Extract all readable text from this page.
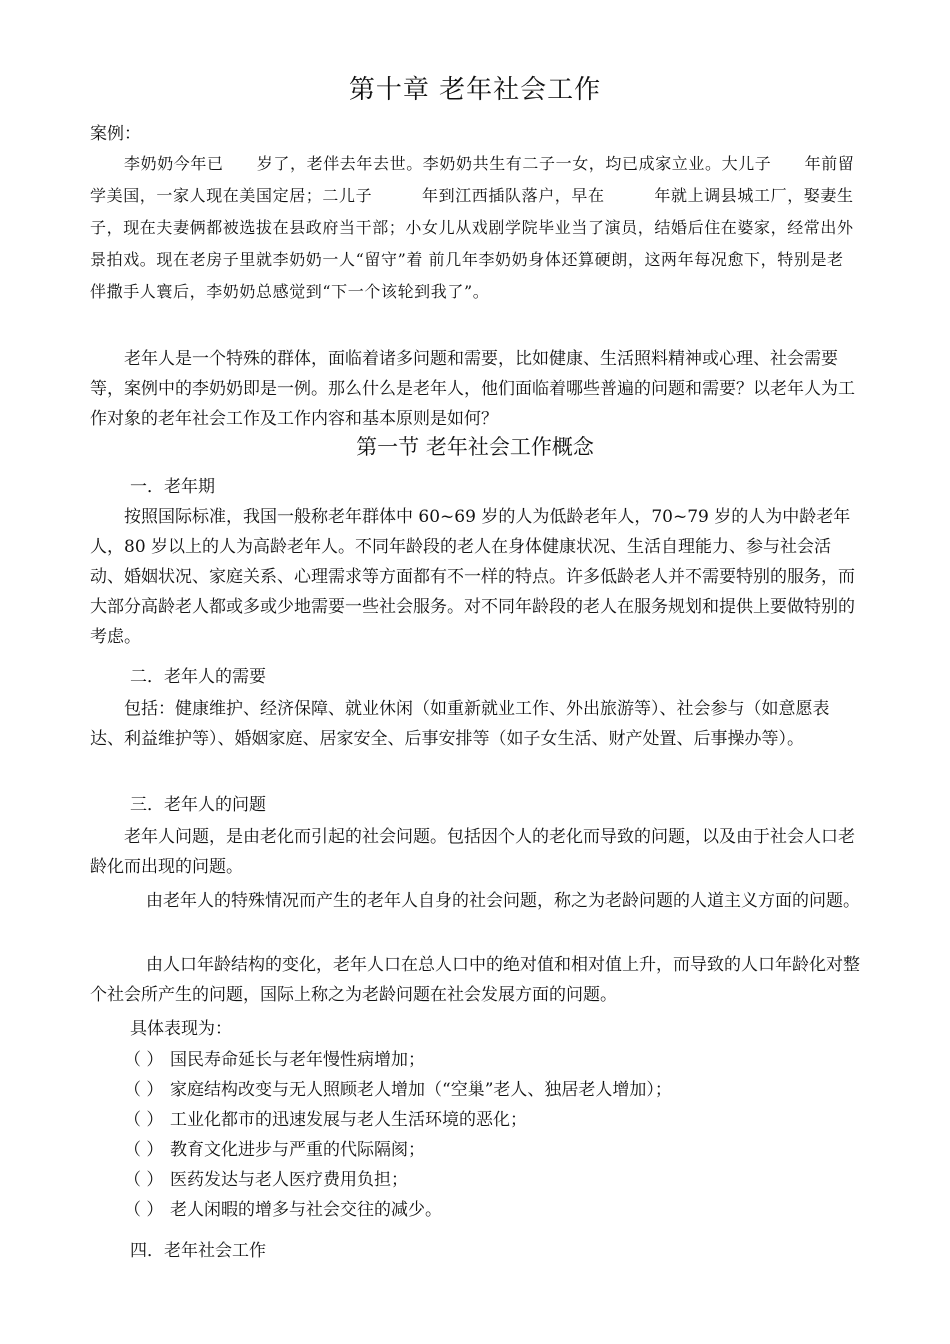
第十章 老年社会工作

案例：

李奶奶今年已　　岁了，老伴去年去世。李奶奶共生有二子一女，均已成家立业。大儿子　　年前留学美国，一家人现在美国定居；二儿子　　　年到江西插队落户，早在　　　年就上调县城工厂，娶妻生子，现在夫妻俩都被选拔在县政府当干部；小女儿从戏剧学院毕业当了演员，结婚后住在婆家，经常出外景拍戏。现在老房子里就李奶奶一人“留守”着 前几年李奶奶身体还算硬朗，这两年每况愈下，特别是老伴撒手人寰后，李奶奶总感觉到“下一个该轮到我了”。

老年人是一个特殊的群体，面临着诸多问题和需要，比如健康、生活照料精神或心理、社会需要等，案例中的李奶奶即是一例。那么什么是老年人，他们面临着哪些普遍的问题和需要？以老年人为工作对象的老年社会工作及工作内容和基本原则是如何？

第一节 老年社会工作概念

一．老年期

按照国际标准，我国一般称老年群体中 60~69 岁的人为低龄老年人，70~79 岁的人为中龄老年人，80 岁以上的人为高龄老年人。不同年龄段的老人在身体健康状况、生活自理能力、参与社会活动、婚姻状况、家庭关系、心理需求等方面都有不一样的特点。许多低龄老人并不需要特别的服务，而大部分高龄老人都或多或少地需要一些社会服务。对不同年龄段的老人在服务规划和提供上要做特别的考虑。

二．老年人的需要

包括：健康维护、经济保障、就业休闲（如重新就业工作、外出旅游等）、社会参与（如意愿表达、利益维护等）、婚姻家庭、居家安全、后事安排等（如子女生活、财产处置、后事操办等）。

三．老年人的问题

老年人问题，是由老化而引起的社会问题。包括因个人的老化而导致的问题，以及由于社会人口老龄化而出现的问题。

由老年人的特殊情况而产生的老年人自身的社会问题，称之为老龄问题的人道主义方面的问题。

由人口年龄结构的变化，老年人口在总人口中的绝对值和相对值上升，而导致的人口年龄化对整个社会所产生的问题，国际上称之为老龄问题在社会发展方面的问题。

具体表现为：

（ ） 国民寿命延长与老年慢性病增加；
（ ） 家庭结构改变与无人照顾老人增加（“空巢”老人、独居老人增加）；
（ ） 工业化都市的迅速发展与老人生活环境的恶化；
（ ） 教育文化进步与严重的代际隔阂；
（ ） 医药发达与老人医疗费用负担；
（ ） 老人闲暇的增多与社会交往的减少。

四．老年社会工作
